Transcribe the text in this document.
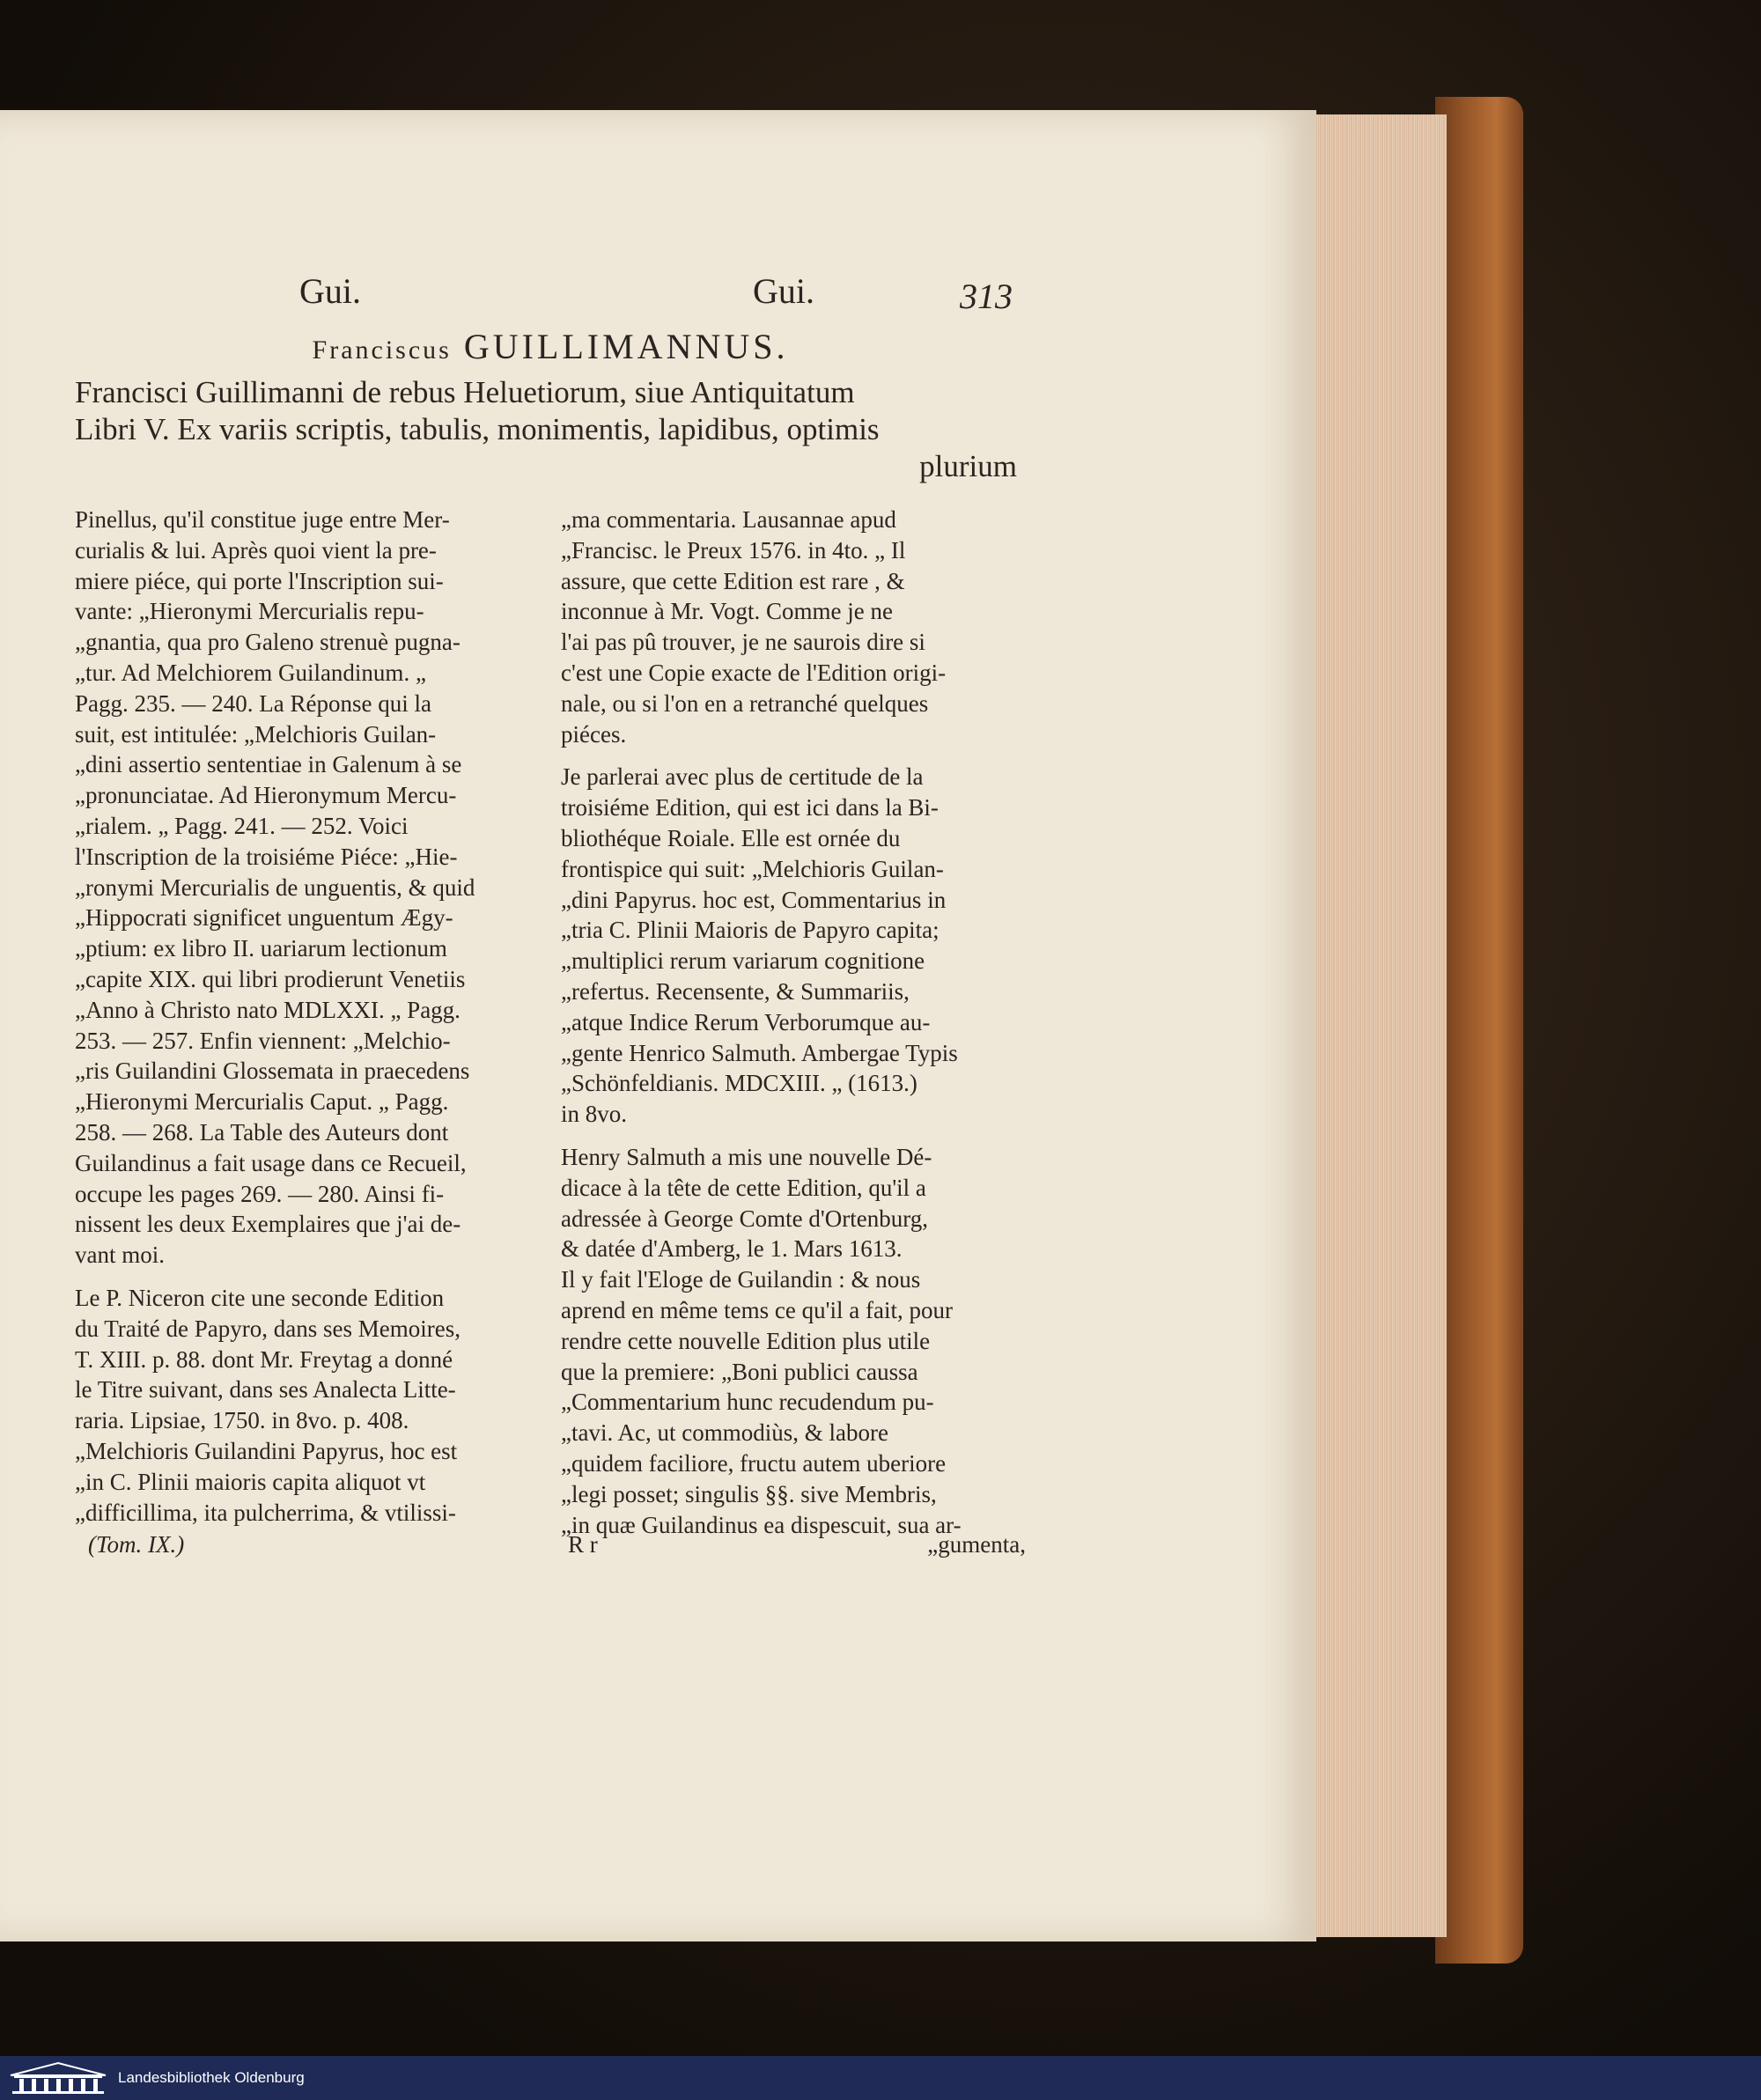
Gui.	Gui.	313
Franciscus GUILLIMANNUS.
Francisci Guillimanni de rebus Heluetiorum, siue Antiquitatum
Libri V. Ex variis scriptis, tabulis, monimentis, lapidibus, optimis
plurium
Pinellus, qu'il constitue juge entre Mer-
curialis & lui. Après quoi vient la pre-
miere piéce, qui porte l'Inscription sui-
vante: „Hieronymi Mercurialis repu-
„gnantia, qua pro Galeno strenuè pugna-
„tur. Ad Melchiorem Guilandinum. „
Pagg. 235. — 240. La Réponse qui la
suit, est intitulée: „Melchioris Guilan-
„dini assertio sententiae in Galenum à se
„pronunciatae. Ad Hieronymum Mercu-
„rialem. „ Pagg. 241. — 252. Voici
l'Inscription de la troisiéme Piéce: „Hie-
„ronymi Mercurialis de unguentis, & quid
„Hippocrati significet unguentum Ægy-
„ptium: ex libro II. uariarum lectionum
„capite XIX. qui libri prodierunt Venetiis
„Anno à Christo nato MDLXXI. „ Pagg.
253. — 257. Enfin viennent: „Melchio-
„ris Guilandini Glossemata in praecedens
„Hieronymi Mercurialis Caput. „ Pagg.
258. — 268. La Table des Auteurs dont
Guilandinus a fait usage dans ce Recueil,
occupe les pages 269. — 280. Ainsi fi-
nissent les deux Exemplaires que j'ai de-
vant moi.
Le P. Niceron cite une seconde Edition
du Traité de Papyro, dans ses Memoires,
T. XIII. p. 88. dont Mr. Freytag a donné
le Titre suivant, dans ses Analecta Litte-
raria. Lipsiae, 1750. in 8vo. p. 408.
„Melchioris Guilandini Papyrus, hoc est
„in C. Plinii maioris capita aliquot vt
„difficillima, ita pulcherrima, & vtilissi-
„ma commentaria. Lausannae apud
„Francisc. le Preux 1576. in 4to. „ Il
assure, que cette Edition est rare , &
inconnue à Mr. Vogt. Comme je ne
l'ai pas pû trouver, je ne saurois dire si
c'est une Copie exacte de l'Edition origi-
nale, ou si l'on en a retranché quelques
piéces.
Je parlerai avec plus de certitude de la
troisiéme Edition, qui est ici dans la Bi-
bliothéque Roiale. Elle est ornée du
frontispice qui suit: „Melchioris Guilan-
„dini Papyrus. hoc est, Commentarius in
„tria C. Plinii Maioris de Papyro capita;
„multiplici rerum variarum cognitione
„refertus. Recensente, & Summariis,
„atque Indice Rerum Verborumque au-
„gente Henrico Salmuth. Ambergae Typis
„Schönfeldianis. MDCXIII. „ (1613.)
in 8vo.
Henry Salmuth a mis une nouvelle Dé-
dicace à la tête de cette Edition, qu'il a
adressée à George Comte d'Ortenburg,
& datée d'Amberg, le 1. Mars 1613.
Il y fait l'Eloge de Guilandin : & nous
aprend en même tems ce qu'il a fait, pour
rendre cette nouvelle Edition plus utile
que la premiere: „Boni publici caussa
„Commentarium hunc recudendum pu-
„tavi. Ac, ut commodiùs, & labore
„quidem faciliore, fructu autem uberiore
„legi posset; singulis §§. sive Membris,
„in quæ Guilandinus ea dispescuit, sua ar-
(Tom. IX.)	R r	„gumenta,
Landesbibliothek Oldenburg
